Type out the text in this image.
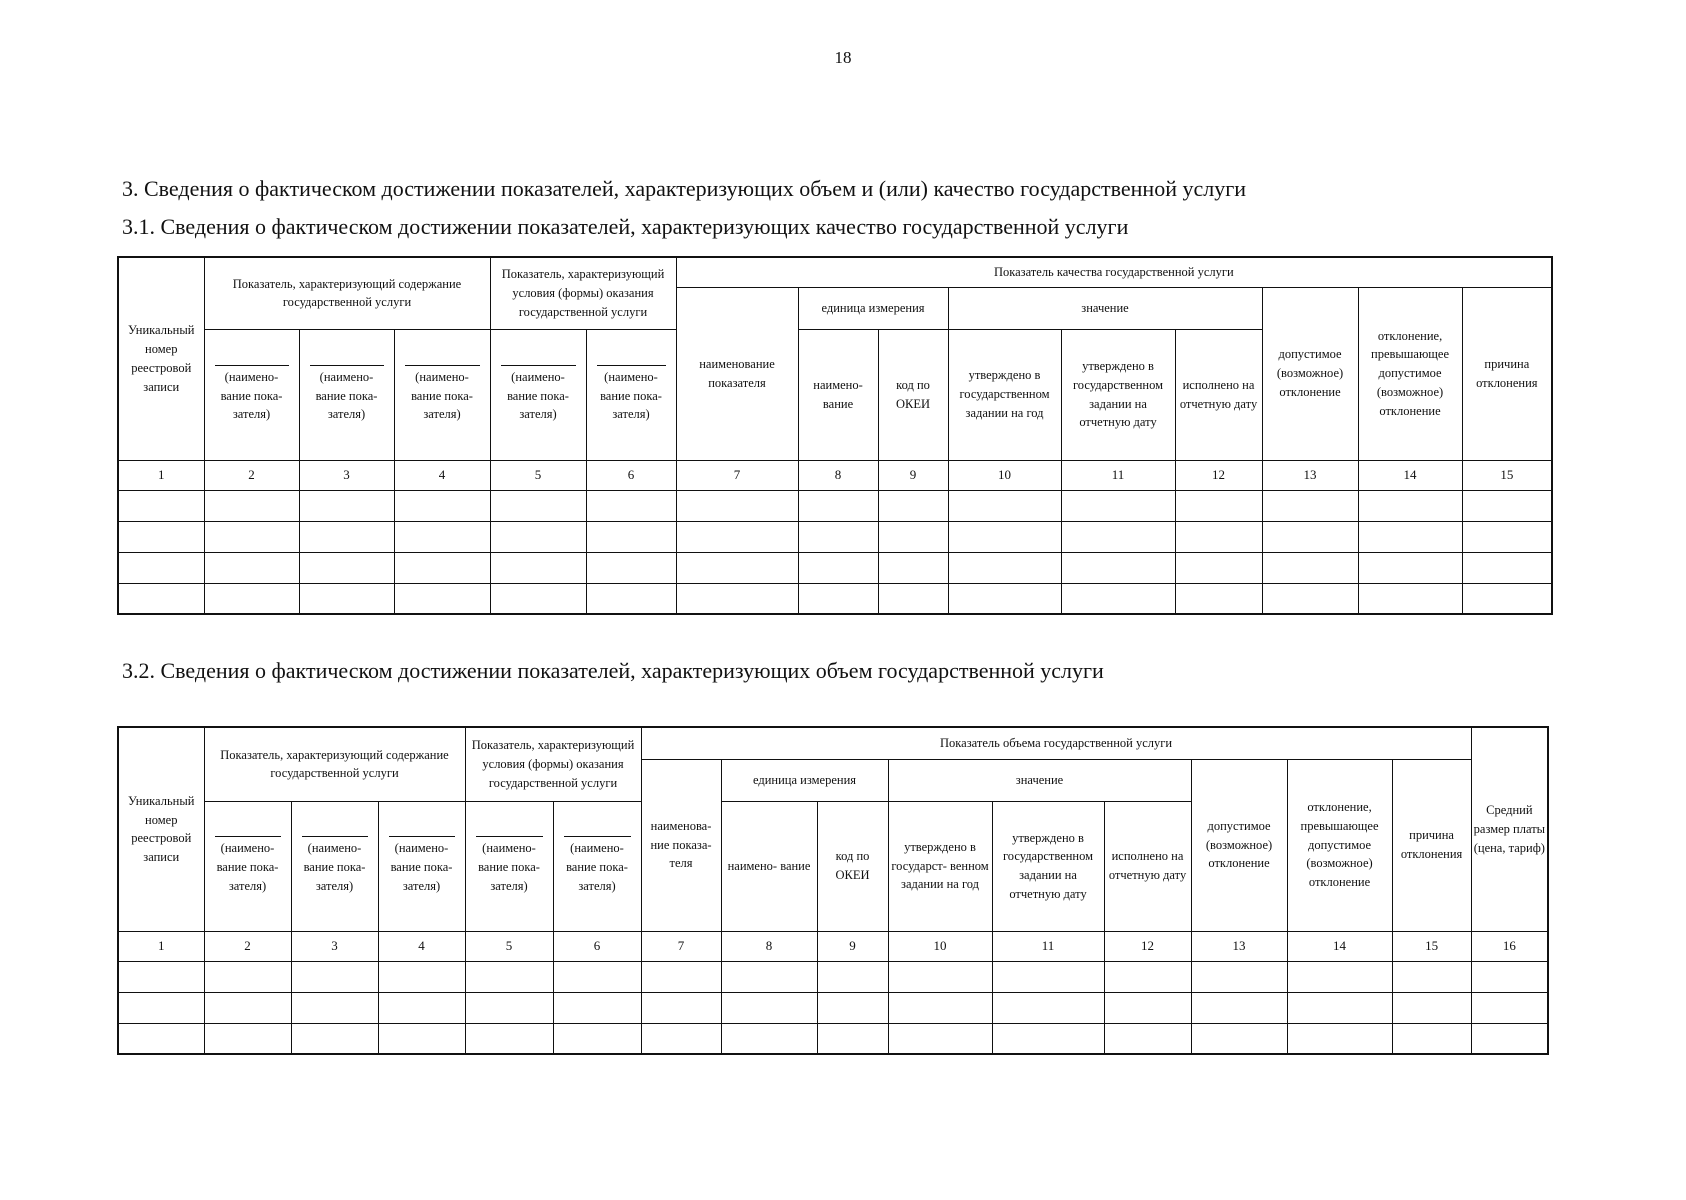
18
3. Сведения о фактическом достижении показателей, характеризующих объем и (или) качество государственной услуги
3.1. Сведения о фактическом достижении показателей, характеризующих качество государственной услуги
Уникальный номер реестровой записи	Показатель, характеризующий содержание государственной услуги			Показатель, характеризующий условия (формы) оказания государственной услуги		Показатель качества государственной услуги								
						наименование показателя	единица измерения		значение			допустимое (возможное) отклонение	отклонение, превышающее допустимое (возможное) отклонение	причина отклонения

	(наимено- вание пока- зателя)	(наимено- вание пока- зателя)	(наимено- вание пока- зателя)	(наимено- вание пока- зателя)	(наимено- вание пока- зателя)		наимено- вание	код по ОКЕИ	утверждено в государственном задании на год	утверждено в государственном задании на отчетную дату	исполнено на отчетную дату			
1	2	3	4	5	6	7	8	9	10	11	12	13	14	15

3.2. Сведения о фактическом достижении показателей, характеризующих объем государственной услуги
Уникальный номер реестровой записи	Показатель, характеризующий содержание государственной услуги			Показатель, характеризующий условия (формы) оказания государственной услуги		Показатель объема государственной услуги									Средний размер платы (цена, тариф)
						наименова- ние показа- теля	единица измерения		значение			допустимое (возможное) отклонение	отклонение, превышающее допустимое (возможное) отклонение	причина отклонения	

	(наимено- вание пока- зателя)	(наимено- вание пока- зателя)	(наимено- вание пока- зателя)	(наимено- вание пока- зателя)	(наимено- вание пока- зателя)		наимено- вание	код по ОКЕИ	утверждено в государст- венном задании на год	утверждено в государственном задании на отчетную дату	исполнено на отчетную дату				
1	2	3	4	5	6	7	8	9	10	11	12	13	14	15	16
